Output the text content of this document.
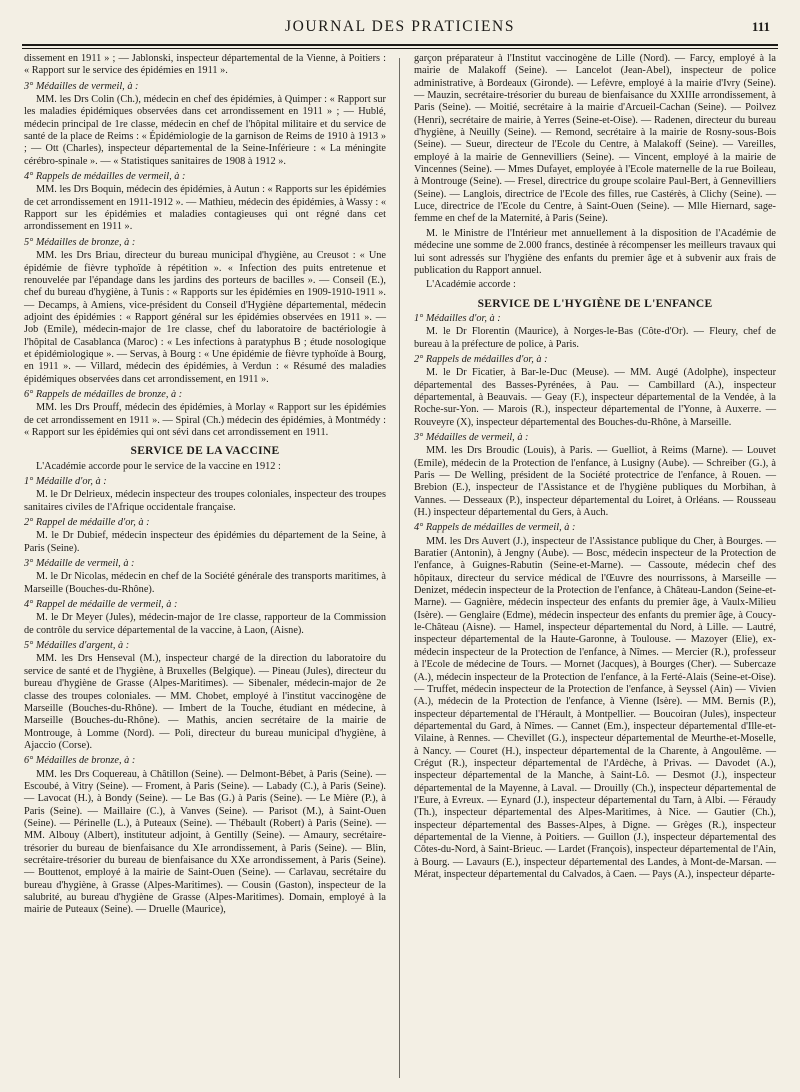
JOURNAL DES PRATICIENS	111

dissement en 1911 » ; — Jablonski, inspecteur départemental de la Vienne, à Poitiers : « Rapport sur le service des épidémies en 1911 ».

3° Médailles de vermeil, à :

MM. les Drs Colin (Ch.), médecin en chef des épidémies, à Quimper : « Rapport sur les maladies épidémiques observées dans cet arrondissement en 1911 » ; — Hublé, médecin principal de 1re classe, médecin en chef de l'hôpital militaire et du service de santé de la place de Reims : « Épidémiologie de la garnison de Reims de 1910 à 1913 » ; — Ott (Charles), inspecteur départemental de la Seine-Inférieure : « La méningite cérébro-spinale ». — « Statistiques sanitaires de 1908 à 1912 ».

4° Rappels de médailles de vermeil, à :

MM. les Drs Boquin, médecin des épidémies, à Autun : « Rapports sur les épidémies de cet arrondissement en 1911-1912 ». — Mathieu, médecin des épidémies, à Wassy : « Rapport sur les épidémies et maladies contagieuses qui ont régné dans cet arrondissement en 1911 ».

5° Médailles de bronze, à :

MM. les Drs Briau, directeur du bureau municipal d'hygiène, au Creusot : « Une épidémie de fièvre typhoïde à répétition ». « Infection des puits entretenue et renouvelée par l'épandage dans les jardins des porteurs de bacilles ». — Conseil (E.), chef du bureau d'hygiène, à Tunis : « Rapports sur les épidémies en 1909-1910-1911 ». — Decamps, à Amiens, vice-président du Conseil d'Hygiène départemental, médecin adjoint des épidémies : « Rapport général sur les épidémies observées en 1911 ». — Job (Emile), médecin-major de 1re classe, chef du laboratoire de bactériologie à l'hôpital de Casablanca (Maroc) : « Les infections à paratyphus B ; étude nosologique et épidémiologique ». — Servas, à Bourg : « Une épidémie de fièvre typhoïde à Bourg, en 1911 ». — Villard, médecin des épidémies, à Verdun : « Résumé des maladies épidémiques observées dans cet arrondissement, en 1911 ».

6° Rappels de médailles de bronze, à :

MM. les Drs Prouff, médecin des épidémies, à Morlay « Rapport sur les épidémies de cet arrondissement en 1911 ». — Spiral (Ch.) médecin des épidémies, à Montmédy : « Rapport sur les épidémies qui ont sévi dans cet arrondissement en 1911.

SERVICE DE LA VACCINE

L'Académie accorde pour le service de la vaccine en 1912 :

1° Médaille d'or, à :

M. le Dr Delrieux, médecin inspecteur des troupes coloniales, inspecteur des troupes sanitaires civiles de l'Afrique occidentale française.

2° Rappel de médaille d'or, à :

M. le Dr Dubief, médecin inspecteur des épidémies du département de la Seine, à Paris (Seine).

3° Médaille de vermeil, à :

M. le Dr Nicolas, médecin en chef de la Société générale des transports maritimes, à Marseille (Bouches-du-Rhône).

4° Rappel de médaille de vermeil, à :

M. le Dr Meyer (Jules), médecin-major de 1re classe, rapporteur de la Commission de contrôle du service départemental de la vaccine, à Laon, (Aisne).

5° Médailles d'argent, à :

MM. les Drs Henseval (M.), inspecteur chargé de la direction du laboratoire du service de santé et de l'hygiène, à Bruxelles (Belgique). — Pineau (Jules), directeur du bureau d'hygiène de Grasse (Alpes-Maritimes). — Sibenaler, médecin-major de 2e classe des troupes coloniales. — MM. Chobet, employé à l'institut vaccinogène de Marseille (Bouches-du-Rhône). — Imbert de la Touche, étudiant en médecine, à Marseille (Bouches-du-Rhône). — Mathis, ancien secrétaire de la mairie de Montrouge, à Lomme (Nord). — Poli, directeur du bureau municipal d'hygiène, à Ajaccio (Corse).

6° Médailles de bronze, à :

MM. les Drs Coquereau, à Châtillon (Seine). — Delmont-Bébet, à Paris (Seine). — Escoubé, à Vitry (Seine). — Froment, à Paris (Seine). — Labady (C.), à Paris (Seine). — Lavocat (H.), à Bondy (Seine). — Le Bas (G.) à Paris (Seine). — Le Mière (P.), à Paris (Seine). — Maillaire (C.), à Vanves (Seine). — Parisot (M.), à Saint-Ouen (Seine). — Périnelle (L.), à Puteaux (Seine). — Thébault (Robert) à Paris (Seine). — MM. Albouy (Albert), instituteur adjoint, à Gentilly (Seine). — Amaury, secrétaire-trésorier du bureau de bienfaisance du XIe arrondissement, à Paris (Seine). — Blin, secrétaire-trésorier du bureau de bienfaisance du XXe arrondissement, à Paris (Seine). — Bouttenot, employé à la mairie de Saint-Ouen (Seine). — Carlavau, secrétaire du bureau d'hygiène, à Grasse (Alpes-Maritimes). — Cousin (Gaston), inspecteur de la salubrité, au bureau d'hygiène de Grasse (Alpes-Maritimes). Domain, employé à la mairie de Puteaux (Seine). — Druelle (Maurice),

garçon préparateur à l'Institut vaccinogène de Lille (Nord). — Farcy, employé à la mairie de Malakoff (Seine). — Lancelot (Jean-Abel), inspecteur de police administrative, à Bordeaux (Gironde). — Lefèvre, employé à la mairie d'Ivry (Seine). — Mauzin, secrétaire-trésorier du bureau de bienfaisance du XXIIIe arrondissement, à Paris (Seine). — Moitié, secrétaire à la mairie d'Arcueil-Cachan (Seine). — Poilvez (Henri), secrétaire de mairie, à Yerres (Seine-et-Oise). — Radenen, directeur du bureau d'hygiène, à Neuilly (Seine). — Remond, secrétaire à la mairie de Rosny-sous-Bois (Seine). — Sueur, directeur de l'Ecole du Centre, à Malakoff (Seine). — Vareilles, employé à la mairie de Gennevilliers (Seine). — Vincent, employé à la mairie de Vincennes (Seine). — Mmes Dufayet, employée à l'Ecole maternelle de la rue Boileau, à Montrouge (Seine). — Fresel, directrice du groupe scolaire Paul-Bert, à Gennevilliers (Seine). — Langlois, directrice de l'Ecole des filles, rue Castérès, à Clichy (Seine). — Luce, directrice de l'Ecole du Centre, à Saint-Ouen (Seine). — Mlle Hiernard, sage-femme en chef de la Maternité, à Paris (Seine).

M. le Ministre de l'Intérieur met annuellement à la disposition de l'Académie de médecine une somme de 2.000 francs, destinée à récompenser les meilleurs travaux qui lui sont adressés sur l'hygiène des enfants du premier âge et à subvenir aux frais de publication du Rapport annuel.

L'Académie accorde :

SERVICE DE L'HYGIÈNE DE L'ENFANCE
1° Médailles d'or, à :

M. le Dr Florentin (Maurice), à Norges-le-Bas (Côte-d'Or). — Fleury, chef de bureau à la préfecture de police, à Paris.

2° Rappels de médailles d'or, à :

M. le Dr Ficatier, à Bar-le-Duc (Meuse). — MM. Augé (Adolphe), inspecteur départemental des Basses-Pyrénées, à Pau. — Cambillard (A.), inspecteur départemental, à Beauvais. — Geay (F.), inspecteur départemental de la Vendée, à la Roche-sur-Yon. — Marois (R.), inspecteur départemental de l'Yonne, à Auxerre. — Rouveyre (X), inspecteur départemental des Bouches-du-Rhône, à Marseille.

3° Médailles de vermeil, à :

MM. les Drs Broudic (Louis), à Paris. — Guelliot, à Reims (Marne). — Louvet (Emile), médecin de la Protection de l'enfance, à Lusigny (Aube). — Schreiber (G.), à Paris — De Welling, président de la Société protectrice de l'enfance, à Rouen. — Brebion (E.), inspecteur de l'Assistance et de l'hygiène publiques du Morbihan, à Vannes. — Desseaux (P.), inspecteur départemental du Loiret, à Orléans. — Rousseau (H.) inspecteur départemental du Gers, à Auch.

4° Rappels de médailles de vermeil, à :

MM. les Drs Auvert (J.), inspecteur de l'Assistance publique du Cher, à Bourges. — Baratier (Antonin), à Jengny (Aube). — Bosc, médecin inspecteur de la Protection de l'enfance, à Guignes-Rabutin (Seine-et-Marne). — Cassoute, médecin chef des hôpitaux, directeur du service médical de l'Œuvre des nourrissons, à Marseille — Denizet, médecin inspecteur de la Protection de l'enfance, à Château-Landon (Seine-et-Marne). — Gagnière, médecin inspecteur des enfants du premier âge, à Vaulx-Milieu (Isère). — Genglaire (Edme), médecin inspecteur des enfants du premier âge, à Coucy-le-Château (Aisne). — Hamel, inspecteur départemental du Nord, à Lille. — Lautré, inspecteur départemental de la Haute-Garonne, à Toulouse. — Mazoyer (Elie), ex-médecin inspecteur de la Protection de l'enfance, à Nîmes. — Mercier (R.), professeur à l'Ecole de médecine de Tours. — Mornet (Jacques), à Bourges (Cher). — Subercaze (A.), médecin inspecteur de la Protection de l'enfance, à la Ferté-Alais (Seine-et-Oise). — Truffet, médecin inspecteur de la Protection de l'enfance, à Seyssel (Ain) — Vivien (A.), médecin de la Protection de l'enfance, à Vienne (Isère). — MM. Bernis (P.), inspecteur départemental de l'Hérault, à Montpellier. — Boucoiran (Jules), inspecteur départemental du Gard, à Nîmes. — Cannet (Em.), inspecteur départemental d'Ille-et-Vilaine, à Rennes. — Chevillet (G.), inspecteur départemental de Meurthe-et-Moselle, à Nancy. — Couret (H.), inspecteur départemental de la Charente, à Angoulême. — Crégut (R.), inspecteur départemental de l'Ardèche, à Privas. — Davodet (A.), inspecteur départemental de la Manche, à Saint-Lô. — Desmot (J.), inspecteur départemental de la Mayenne, à Laval. — Drouilly (Ch.), inspecteur départemental de l'Eure, à Evreux. — Eynard (J.), inspecteur départemental du Tarn, à Albi. — Féraudy (Th.), inspecteur départemental des Alpes-Maritimes, à Nice. — Gautier (Ch.), inspecteur départemental des Basses-Alpes, à Digne. — Grèges (R.), inspecteur départemental de la Vienne, à Poitiers. — Guillon (J.), inspecteur départemental des Côtes-du-Nord, à Saint-Brieuc. — Lardet (François), inspecteur départemental de l'Ain, à Bourg. — Lavaurs (E.), inspecteur départemental des Landes, à Mont-de-Marsan. — Mérat, inspecteur départemental du Calvados, à Caen. — Pays (A.), inspecteur départe-
